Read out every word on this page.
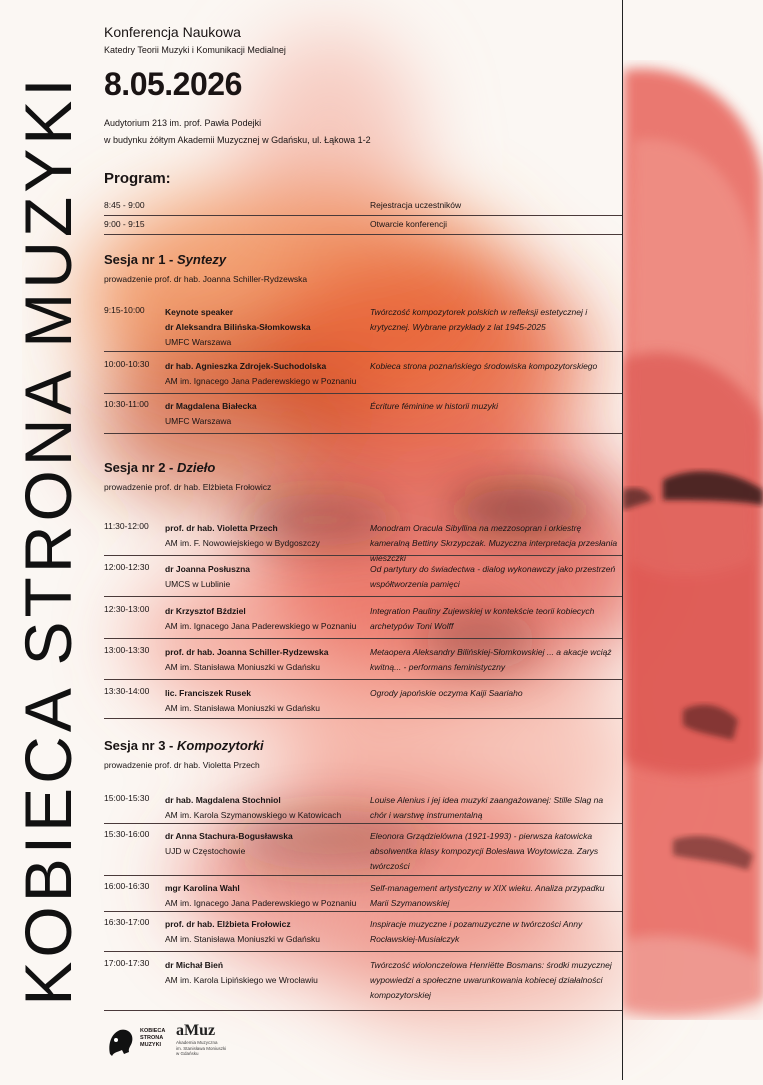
KOBIECA STRONA MUZYKI
Konferencja Naukowa
Katedry Teorii Muzyki i Komunikacji Medialnej
8.05.2026
Audytorium 213 im. prof. Pawła Podejki
w budynku żółtym Akademii Muzycznej w Gdańsku, ul. Łąkowa 1-2
Program:
8:45 - 9:00	Rejestracja uczestników
9:00 - 9:15	Otwarcie konferencji
Sesja nr 1 - Syntezy
prowadzenie prof. dr hab. Joanna Schiller-Rydzewska
9:15-10:00 Keynote speaker
dr Aleksandra Bilińska-Słomkowska
UMFC Warszawa
Twórczość kompozytorek polskich w refleksji estetycznej i krytycznej. Wybrane przykłady z lat 1945-2025
10:00-10:30 dr hab. Agnieszka Zdrojek-Suchodolska
AM im. Ignacego Jana Paderewskiego w Poznaniu
Kobieca strona poznańskiego środowiska kompozytorskiego
10:30-11:00 dr Magdalena Białecka
UMFC Warszawa
Écriture féminine w historii muzyki
Sesja nr 2 - Dzieło
prowadzenie prof. dr hab. Elżbieta Frołowicz
11:30-12:00 prof. dr hab. Violetta Przech
AM im. F. Nowowiejskiego w Bydgoszczy
Monodram Oracula Sibyllina na mezzosopran i orkiestrę kameralną Bettiny Skrzypczak. Muzyczna interpretacja przesłania wieszczki
12:00-12:30 dr Joanna Posłuszna
UMCS w Lublinie
Od partytury do świadectwa - dialog wykonawczy jako przestrzeń współtworzenia pamięci
12:30-13:00 dr Krzysztof Bździel
AM im. Ignacego Jana Paderewskiego w Poznaniu
Integration Pauliny Zujewskiej w kontekście teorii kobiecych archetypów Toni Wolff
13:00-13:30 prof. dr hab. Joanna Schiller-Rydzewska
AM im. Stanisława Moniuszki w Gdańsku
Metaopera Aleksandry Bilińskiej-Słomkowskiej ... a akacje wciąż kwitną... - performans feministyczny
13:30-14:00 lic. Franciszek Rusek
AM im. Stanisława Moniuszki w Gdańsku
Ogrody japońskie oczyma Kaiji Saariaho
Sesja nr 3 - Kompozytorki
prowadzenie prof. dr hab. Violetta Przech
15:00-15:30 dr hab. Magdalena Stochniol
AM im. Karola Szymanowskiego w Katowicach
Louise Alenius i jej idea muzyki zaangażowanej: Stille Slag na chór i warstwę instrumentalną
15:30-16:00 dr Anna Stachura-Bogusławska
UJD w Częstochowie
Eleonora Grządzielówna (1921-1993) - pierwsza katowicka absolwentka klasy kompozycji Bolesława Woytowicza. Zarys twórczości
16:00-16:30 mgr Karolina Wahl
AM im. Ignacego Jana Paderewskiego w Poznaniu
Self-management artystyczny w XIX wieku. Analiza przypadku Marii Szymanowskiej
16:30-17:00 prof. dr hab. Elżbieta Frołowicz
AM im. Stanisława Moniuszki w Gdańsku
Inspiracje muzyczne i pozamuzyczne w twórczości Anny Rocławskiej-Musiałczyk
17:00-17:30 dr Michał Bień
AM im. Karola Lipińskiego we Wrocławiu
Twórczość wiolonczelowa Henriëtte Bosmans: środki muzycznej wypowiedzi a społeczne uwarunkowania kobiecej działalności kompozytorskiej
KOBIECA
STRONA
MUZYKI
aMuz
Akademia Muzyczna
im. Stanisława Moniuszki
w Gdańsku
